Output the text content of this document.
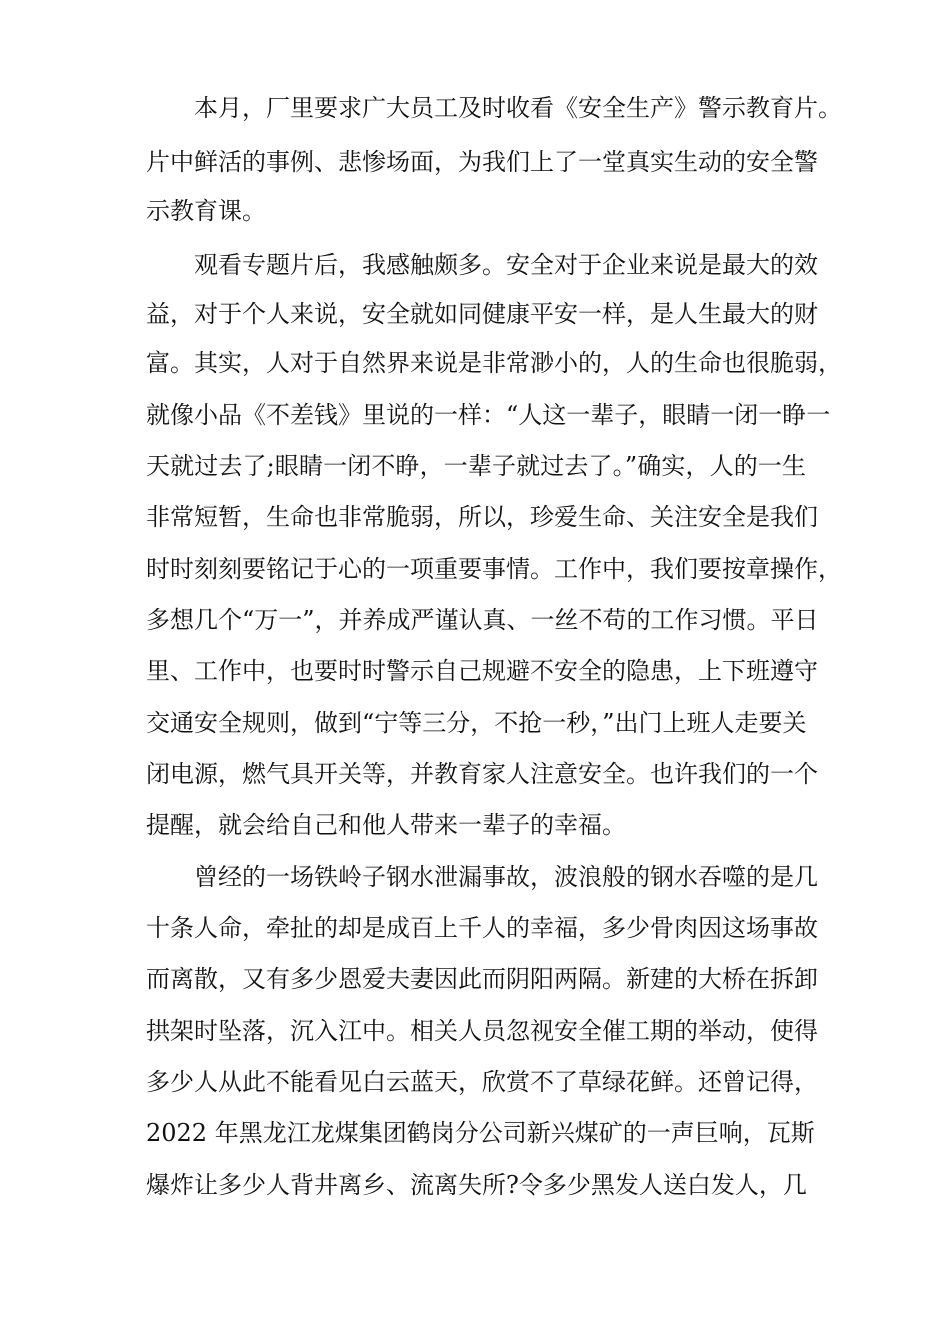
本月，厂里要求广大员工及时收看《安全生产》警示教育片。
片中鲜活的事例、悲惨场面，为我们上了一堂真实生动的安全警
示教育课。
观看专题片后，我感触颇多。安全对于企业来说是最大的效
益，对于个人来说，安全就如同健康平安一样，是人生最大的财
富。其实，人对于自然界来说是非常渺小的，人的生命也很脆弱，
就像小品《不差钱》里说的一样：“人这一辈子，眼睛一闭一睁一
天就过去了;眼睛一闭不睁，一辈子就过去了。”确实，人的一生
非常短暂，生命也非常脆弱，所以，珍爱生命、关注安全是我们
时时刻刻要铭记于心的一项重要事情。工作中，我们要按章操作，
多想几个“万一”，并养成严谨认真、一丝不苟的工作习惯。平日
里、工作中，也要时时警示自己规避不安全的隐患，上下班遵守
交通安全规则，做到“宁等三分，不抢一秒，”出门上班人走要关
闭电源，燃气具开关等，并教育家人注意安全。也许我们的一个
提醒，就会给自己和他人带来一辈子的幸福。
曾经的一场铁岭子钢水泄漏事故，波浪般的钢水吞噬的是几
十条人命，牵扯的却是成百上千人的幸福，多少骨肉因这场事故
而离散，又有多少恩爱夫妻因此而阴阳两隔。新建的大桥在拆卸
拱架时坠落，沉入江中。相关人员忽视安全催工期的举动，使得
多少人从此不能看见白云蓝天，欣赏不了草绿花鲜。还曾记得，
2022 年黑龙江龙煤集团鹤岗分公司新兴煤矿的一声巨响，瓦斯
爆炸让多少人背井离乡、流离失所?令多少黑发人送白发人，几
